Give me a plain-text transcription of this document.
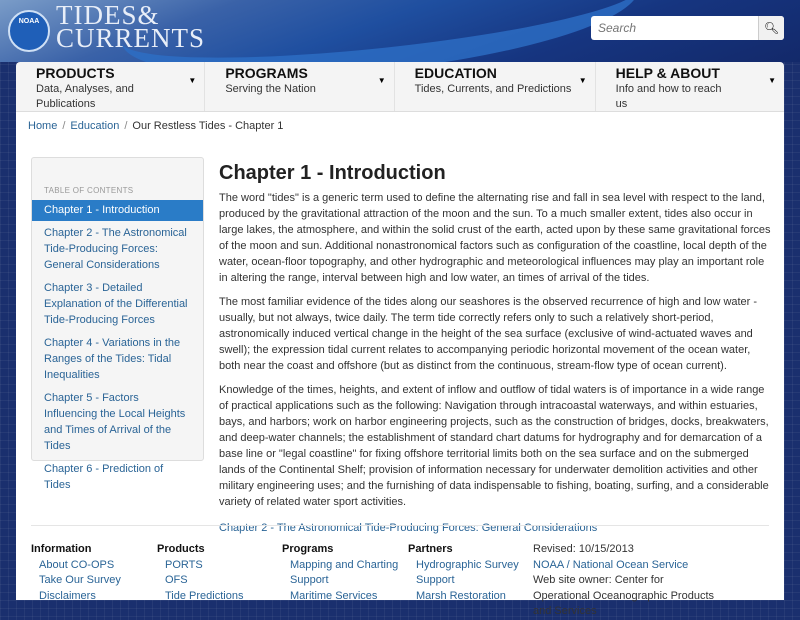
NOAA TIDES&
CURRENTS
Search	🔍︎
PRODUCTS
Data, Analyses, and Publications
▼ PROGRAMS
Serving the Nation
▼ EDUCATION
Tides, Currents, and Predictions
▼ HELP & ABOUT
Info and how to reach us
▼
Home / Education / Our Restless Tides - Chapter 1
TABLE OF CONTENTS
Chapter 1 - Introduction
Chapter 2 - The Astronomical Tide-Producing Forces: General Considerations
Chapter 3 - Detailed Explanation of the Differential Tide-Producing Forces
Chapter 4 - Variations in the Ranges of the Tides: Tidal Inequalities
Chapter 5 - Factors Influencing the Local Heights and Times of Arrival of the Tides
Chapter 6 - Prediction of Tides
Chapter 1 - Introduction

The word "tides" is a generic term used to define the alternating rise and fall in sea level with respect to the land, produced by the gravitational attraction of the moon and the sun. To a much smaller extent, tides also occur in large lakes, the atmosphere, and within the solid crust of the earth, acted upon by these same gravitational forces of the moon and sun. Additional nonastronomical factors such as configuration of the coastline, local depth of the water, ocean-floor topography, and other hydrographic and meteorological influences may play an important role in altering the range, interval between high and low water, an times of arrival of the tides.

The most familiar evidence of the tides along our seashores is the observed recurrence of high and low water - usually, but not always, twice daily. The term tide correctly refers only to such a relatively short-period, astronomically induced vertical change in the height of the sea surface (exclusive of wind-actuated waves and swell); the expression tidal current relates to accompanying periodic horizontal movement of the ocean water, both near the coast and offshore (but as distinct from the continuous, stream-flow type of ocean current).

Knowledge of the times, heights, and extent of inflow and outflow of tidal waters is of importance in a wide range of practical applications such as the following: Navigation through intracoastal waterways, and within estuaries, bays, and harbors; work on harbor engineering projects, such as the construction of bridges, docks, breakwaters, and deep-water channels; the establishment of standard chart datums for hydrography and for demarcation of a base line or "legal coastline" for fixing offshore territorial limits both on the sea surface and on the submerged lands of the Continental Shelf; provision of information necessary for underwater demolition activities and other military engineering uses; and the furnishing of data indispensable to fishing, boating, surfing, and a considerable variety of related water sport activities.

Chapter 2 - The Astronomical Tide-Producing Forces: General Considerations
Information
About CO-OPS
Take Our Survey
Disclaimers
Products
PORTS
OFS
Tide Predictions
Programs
Mapping and Charting Support
Maritime Services
Partners
Hydrographic Survey Support
Marsh Restoration
Revised: 10/15/2013
NOAA / National Ocean Service
Web site owner: Center for Operational Oceanographic Products and Services
